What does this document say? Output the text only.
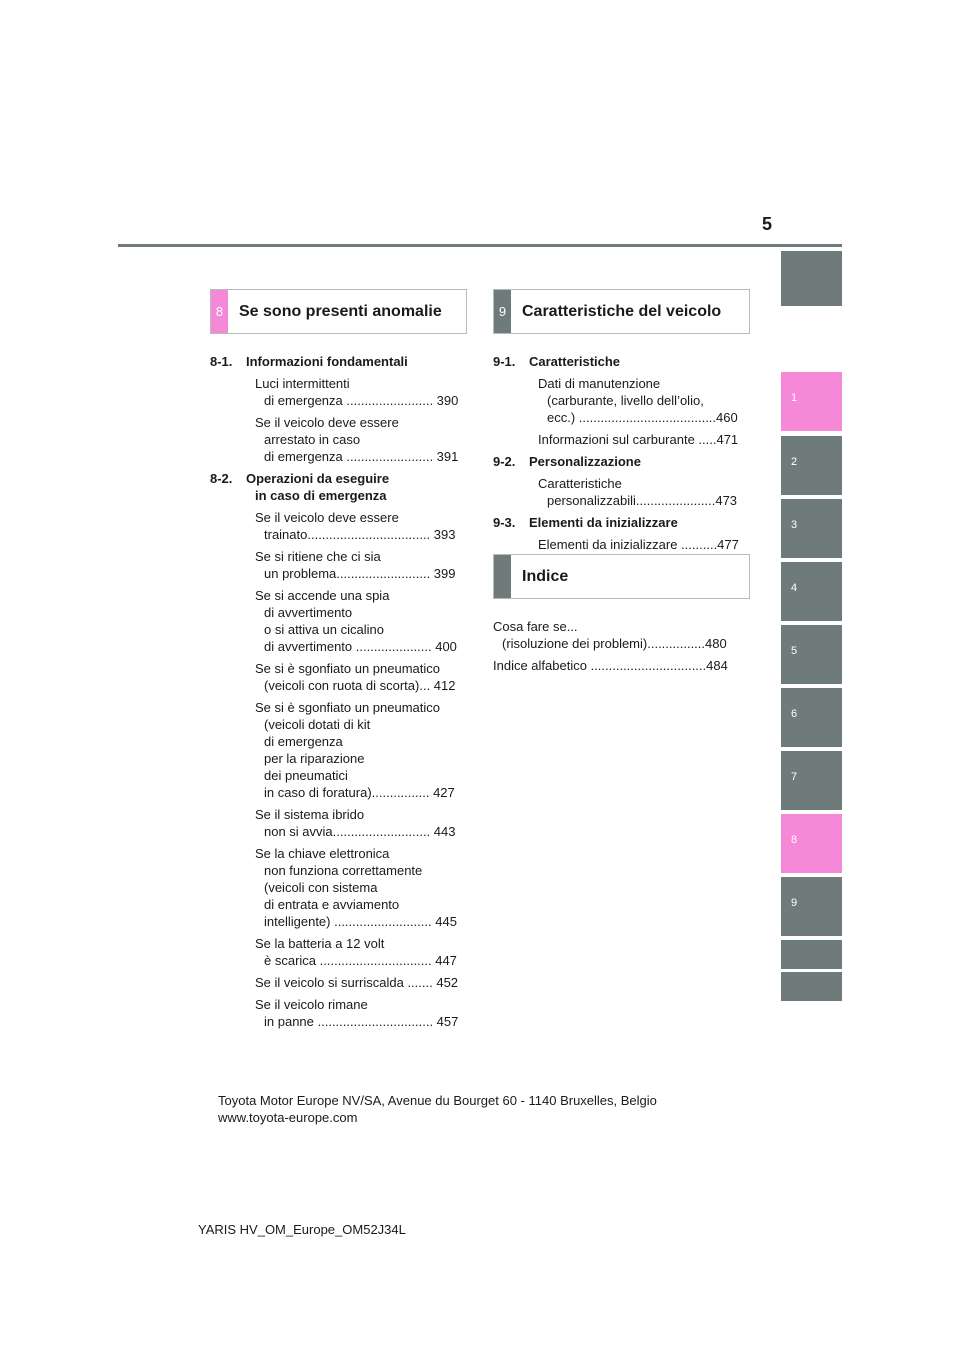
5
8 Se sono presenti anomalie	9 Caratteristiche del veicolo
8-1. Informazioni fondamentali
Luci intermittenti
di emergenza ........................ 390
Se il veicolo deve essere
arrestato in caso
di emergenza ........................ 391
8-2. Operazioni da eseguire
in caso di emergenza
Se il veicolo deve essere
trainato.................................. 393
Se si ritiene che ci sia
un problema.......................... 399
Se si accende una spia
di avvertimento
o si attiva un cicalino
di avvertimento ..................... 400
Se si è sgonfiato un pneumatico
(veicoli con ruota di scorta)... 412
Se si è sgonfiato un pneumatico
(veicoli dotati di kit
di emergenza
per la riparazione
dei pneumatici
in caso di foratura)................ 427
Se il sistema ibrido
non si avvia........................... 443
Se la chiave elettronica
non funziona correttamente
(veicoli con sistema
di entrata e avviamento
intelligente) ........................... 445
Se la batteria a 12 volt
è scarica ............................... 447
Se il veicolo si surriscalda ....... 452
Se il veicolo rimane
in panne ................................ 457
9-1. Caratteristiche
Dati di manutenzione
(carburante, livello dell’olio,
ecc.) ......................................460
Informazioni sul carburante .....471
9-2. Personalizzazione
Caratteristiche
personalizzabili......................473
9-3. Elementi da inizializzare
Elementi da inizializzare ..........477
Indice
Cosa fare se...
(risoluzione dei problemi)................480
Indice alfabetico ................................484
1
2
3
4
5
6
7
8
9
Toyota Motor Europe NV/SA, Avenue du Bourget 60 - 1140 Bruxelles, Belgio
www.toyota-europe.com
YARIS HV_OM_Europe_OM52J34L
